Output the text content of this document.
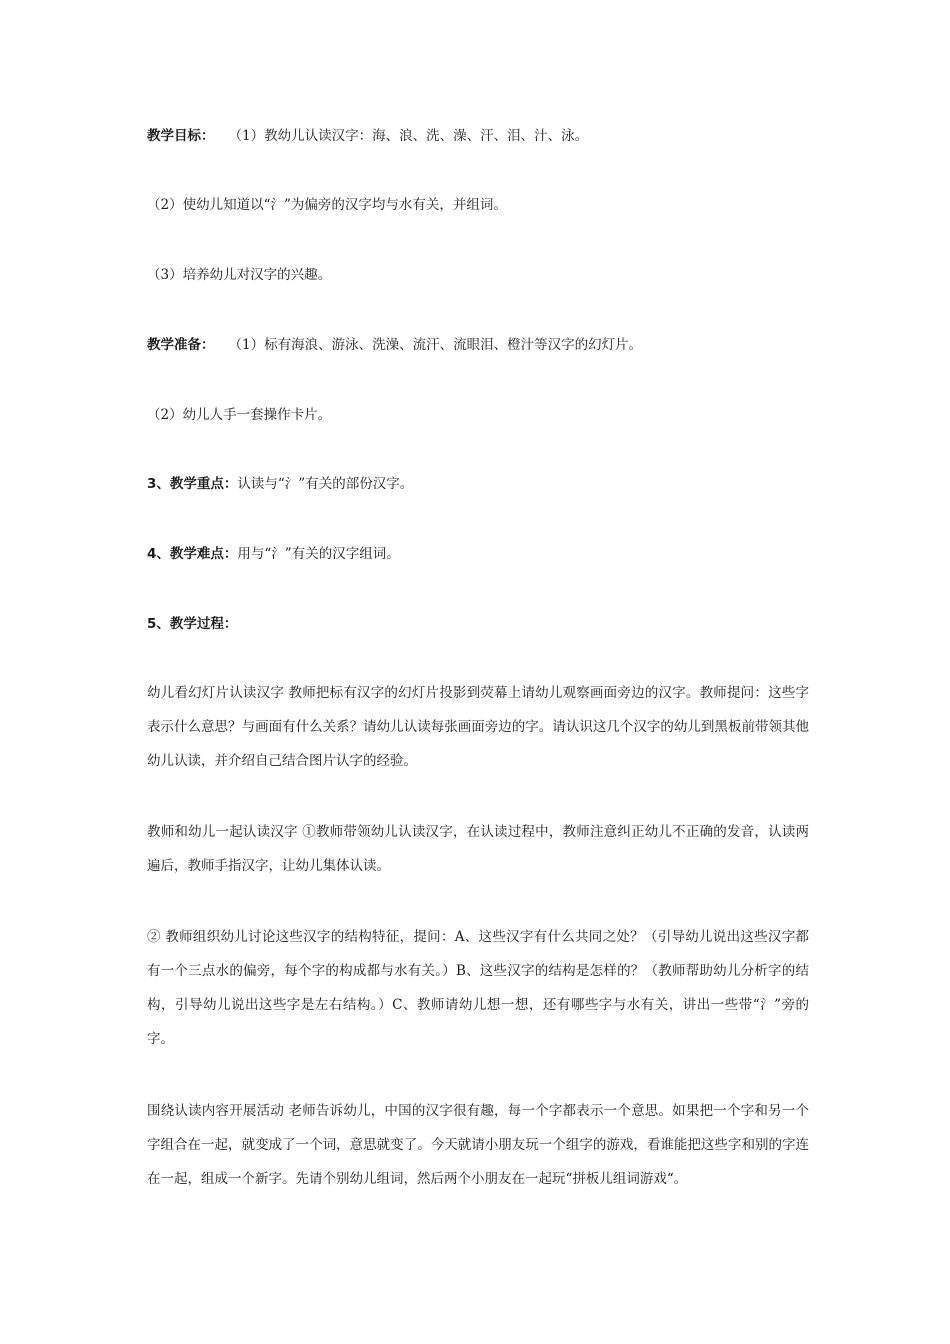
教学目标： （1）教幼儿认读汉字：海、浪、洗、澡、汗、泪、汁、泳。
（2）使幼儿知道以“氵”为偏旁的汉字均与水有关，并组词。
（3）培养幼儿对汉字的兴趣。
教学准备： （1）标有海浪、游泳、洗澡、流汗、流眼泪、橙汁等汉字的幻灯片。
（2）幼儿人手一套操作卡片。
3、教学重点：认读与“氵”有关的部份汉字。
4、教学难点：用与“氵”有关的汉字组词。
5、教学过程：
幼儿看幻灯片认读汉字 教师把标有汉字的幻灯片投影到荧幕上请幼儿观察画面旁边的汉字。教师提问：这些字表示什么意思？与画面有什么关系？请幼儿认读每张画面旁边的字。请认识这几个汉字的幼儿到黑板前带领其他幼儿认读，并介绍自己结合图片认字的经验。
教师和幼儿一起认读汉字 ①教师带领幼儿认读汉字，在认读过程中，教师注意纠正幼儿不正确的发音，认读两遍后，教师手指汉字，让幼儿集体认读。
② 教师组织幼儿讨论这些汉字的结构特征，提问：A、这些汉字有什么共同之处？（引导幼儿说出这些汉字都有一个三点水的偏旁，每个字的构成都与水有关。）B、这些汉字的结构是怎样的？（教师帮助幼儿分析字的结构，引导幼儿说出这些字是左右结构。）C、教师请幼儿想一想，还有哪些字与水有关，讲出一些带“氵”旁的字。
围绕认读内容开展活动 老师告诉幼儿，中国的汉字很有趣，每一个字都表示一个意思。如果把一个字和另一个字组合在一起，就变成了一个词，意思就变了。今天就请小朋友玩一个组字的游戏，看谁能把这些字和别的字连在一起，组成一个新字。先请个别幼儿组词，然后两个小朋友在一起玩“拼板儿组词游戏“。
